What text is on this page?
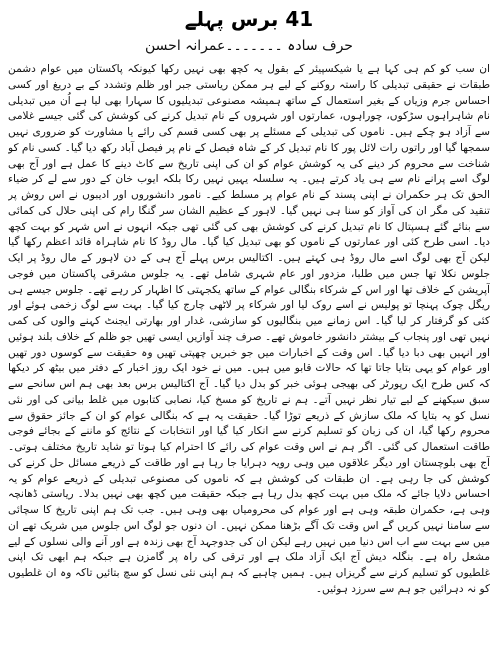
41 برس پہلے
حرف سادہ ۔۔۔۔۔۔۔عمرانہ احسن

ان سب کو کم ہی کہا ہے یا شیکسپیئر کے بقول یہ کچھ بھی نہیں رکھا کیونکہ پاکستان میں عوام دشمن طبقات نے حقیقی تبدیلی کا راستہ روکنے کے لیے ہر ممکن ریاستی جبر اور ظلم وتشدد کے بے دریغ اور کسی احساس جرم وزیاں کے بغیر استعمال کے ساتھ ہمیشہ مصنوعی تبدیلیوں کا سہارا بھی لیا ہے اُن میں تبدیلی نام شاہراہوں سڑکوں، چوراہوں، عمارتوں اور شہروں کے نام تبدیل کرنے کی کوشش کی گئی جیسے غلامی سے آزاد ہو چکے ہیں۔ ناموں کی تبدیلی کے مسئلے پر بھی کسی قسم کی رائے یا مشاورت کو ضروری نہیں سمجھا گیا اور راتوں رات لائل پور کا نام تبدیل کر کے شاہ فیصل کے نام پر فیصل آباد رکھ دیا گیا۔ کسی نام کو شناخت سے محروم کر دینے کی یہ کوشش عوام کو ان کی اپنی تاریخ سے کاٹ دینے کا عمل ہے اور آج بھی لوگ اسے پرانے نام سے ہی یاد کرتے ہیں۔ یہ سلسلہ یہیں نہیں رکا بلکہ ایوب خان کے دور سے لے کر ضیاء الحق تک ہر حکمران نے اپنی پسند کے نام عوام پر مسلط کیے۔ نامور دانشوروں اور ادیبوں نے اس روش پر تنقید کی مگر ان کی آواز کو سنا ہی نہیں گیا۔ لاہور کے عظیم الشان سر گنگا رام کی اپنی حلال کی کمائی سے بنائے گئے ہسپتال کا نام تبدیل کرنے کی کوشش بھی کی گئی تھی جبکہ انہوں نے اس شہر کو بہت کچھ دیا۔ اسی طرح کئی اور عمارتوں کے ناموں کو بھی تبدیل کیا گیا۔ مال روڈ کا نام شاہراہ قائد اعظم رکھا گیا لیکن آج بھی لوگ اسے مال روڈ ہی کہتے ہیں۔ اکتالیس برس پہلے آج ہی کے دن لاہور کے مال روڈ پر ایک جلوس نکلا تھا جس میں طلبا، مزدور اور عام شہری شامل تھے۔ یہ جلوس مشرقی پاکستان میں فوجی آپریشن کے خلاف تھا اور اس کے شرکاء بنگالی عوام کے ساتھ یکجہتی کا اظہار کر رہے تھے۔ جلوس جیسے ہی ریگل چوک پہنچا تو پولیس نے اسے روک لیا اور شرکاء پر لاٹھی چارج کیا گیا۔ بہت سے لوگ زخمی ہوئے اور کئی کو گرفتار کر لیا گیا۔ اس زمانے میں بنگالیوں کو سازشی، غدار اور بھارتی ایجنٹ کہنے والوں کی کمی نہیں تھی اور پنجاب کے بیشتر دانشور خاموش تھے۔ صرف چند آوازیں ایسی تھیں جو ظلم کے خلاف بلند ہوئیں اور انہیں بھی دبا دیا گیا۔ اس وقت کے اخبارات میں جو خبریں چھپتی تھیں وہ حقیقت سے کوسوں دور تھیں اور عوام کو یہی بتایا جاتا تھا کہ حالات قابو میں ہیں۔ میں نے خود ایک روز اخبار کے دفتر میں بیٹھ کر دیکھا کہ کس طرح ایک رپورٹر کی بھیجی ہوئی خبر کو بدل دیا گیا۔ آج اکتالیس برس بعد بھی ہم اس سانحے سے سبق سیکھنے کے لیے تیار نظر نہیں آتے۔ ہم نے تاریخ کو مسخ کیا، نصابی کتابوں میں غلط بیانی کی اور نئی نسل کو یہ بتایا کہ ملک سازش کے ذریعے توڑا گیا۔ حقیقت یہ ہے کہ بنگالی عوام کو ان کے جائز حقوق سے محروم رکھا گیا، ان کی زبان کو تسلیم کرنے سے انکار کیا گیا اور انتخابات کے نتائج کو ماننے کے بجائے فوجی طاقت استعمال کی گئی۔ اگر ہم نے اس وقت عوام کی رائے کا احترام کیا ہوتا تو شاید تاریخ مختلف ہوتی۔ آج بھی بلوچستان اور دیگر علاقوں میں وہی رویہ دہرایا جا رہا ہے اور طاقت کے ذریعے مسائل حل کرنے کی کوشش کی جا رہی ہے۔ ان طبقات کی کوشش ہے کہ ناموں کی مصنوعی تبدیلی کے ذریعے عوام کو یہ احساس دلایا جائے کہ ملک میں بہت کچھ بدل رہا ہے جبکہ حقیقت میں کچھ بھی نہیں بدلا۔ ریاستی ڈھانچہ وہی ہے، حکمران طبقہ وہی ہے اور عوام کی محرومیاں بھی وہی ہیں۔ جب تک ہم اپنی تاریخ کا سچائی سے سامنا نہیں کریں گے اس وقت تک آگے بڑھنا ممکن نہیں۔ ان دنوں جو لوگ اس جلوس میں شریک تھے ان میں سے بہت سے اب اس دنیا میں نہیں رہے لیکن ان کی جدوجہد آج بھی زندہ ہے اور آنے والی نسلوں کے لیے مشعل راہ ہے۔ بنگلہ دیش آج ایک آزاد ملک ہے اور ترقی کی راہ پر گامزن ہے جبکہ ہم ابھی تک اپنی غلطیوں کو تسلیم کرنے سے گریزاں ہیں۔ ہمیں چاہیے کہ ہم اپنی نئی نسل کو سچ بتائیں تاکہ وہ ان غلطیوں کو نہ دہرائیں جو ہم سے سرزد ہوئیں۔
